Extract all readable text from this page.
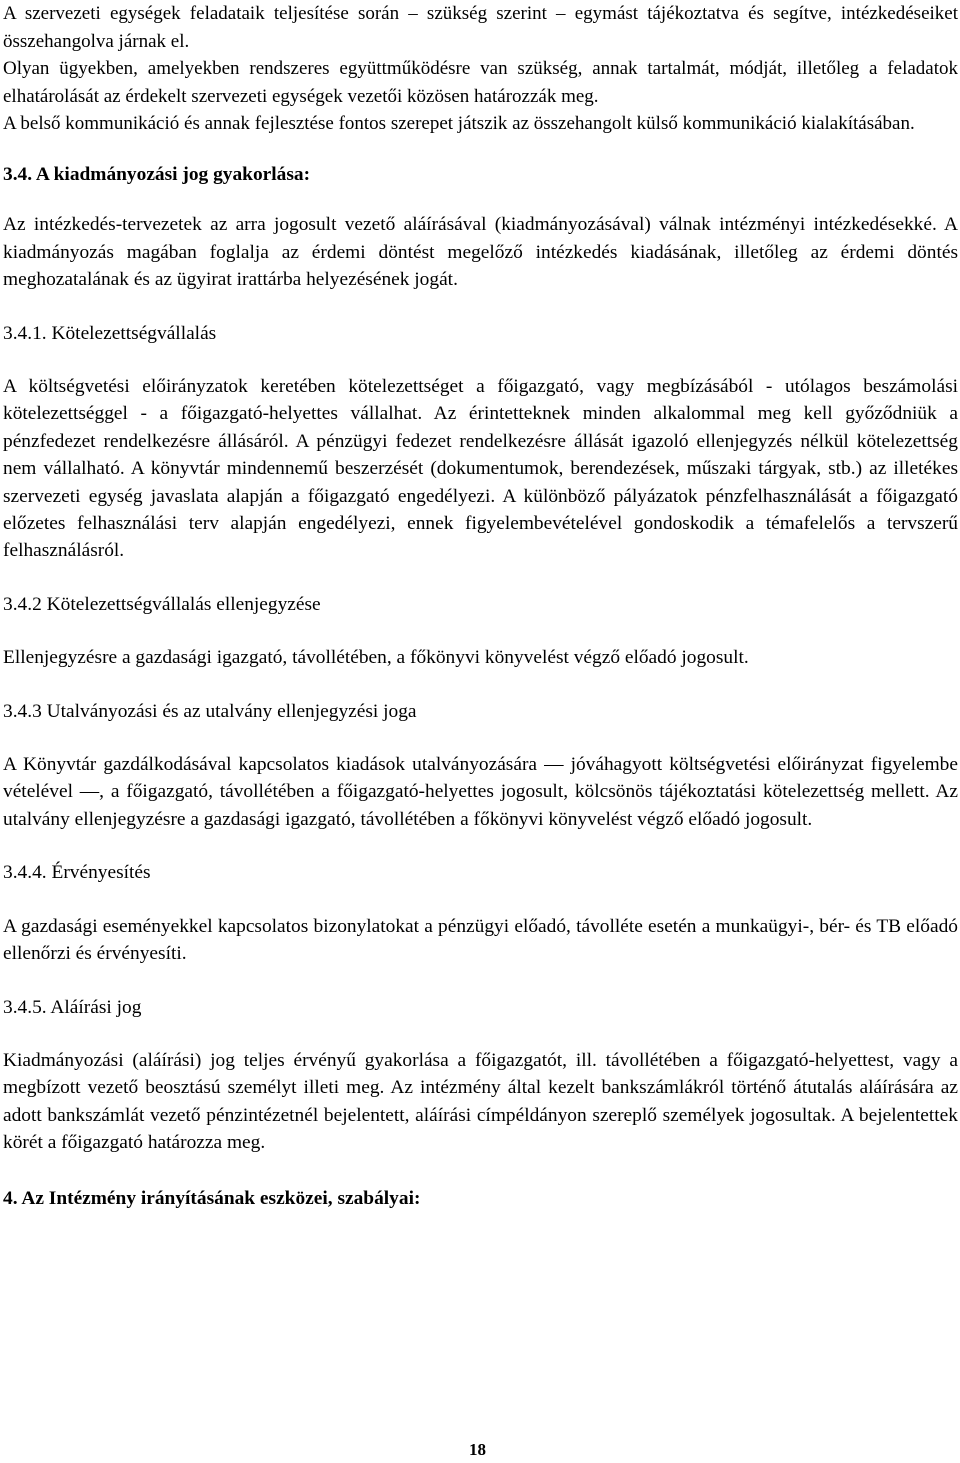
A szervezeti egységek feladataik teljesítése során – szükség szerint – egymást tájékoztatva és segítve, intézkedéseiket összehangolva járnak el.

Olyan ügyekben, amelyekben rendszeres együttműködésre van szükség, annak tartalmát, módját, illetőleg a feladatok elhatárolását az érdekelt szervezeti egységek vezetői közösen határozzák meg.

A belső kommunikáció és annak fejlesztése fontos szerepet játszik az összehangolt külső kommunikáció kialakításában.

3.4. A kiadmányozási jog gyakorlása:

Az intézkedés-tervezetek az arra jogosult vezető aláírásával (kiadmányozásával) válnak intézményi intézkedésekké. A kiadmányozás magában foglalja az érdemi döntést megelőző intézkedés kiadásának, illetőleg az érdemi döntés meghozatalának és az ügyirat irattárba helyezésének jogát.

3.4.1. Kötelezettségvállalás

A költségvetési előirányzatok keretében kötelezettséget a főigazgató, vagy megbízásából - utólagos beszámolási kötelezettséggel - a főigazgató-helyettes vállalhat. Az érintetteknek minden alkalommal meg kell győződniük a pénzfedezet rendelkezésre állásáról. A pénzügyi fedezet rendelkezésre állását igazoló ellenjegyzés nélkül kötelezettség nem vállalható. A könyvtár mindennemű beszerzését (dokumentumok, berendezések, műszaki tárgyak, stb.) az illetékes szervezeti egység javaslata alapján a főigazgató engedélyezi. A különböző pályázatok pénzfelhasználását a főigazgató előzetes felhasználási terv alapján engedélyezi, ennek figyelembevételével gondoskodik a témafelelős a tervszerű felhasználásról.

3.4.2 Kötelezettségvállalás ellenjegyzése

Ellenjegyzésre a gazdasági igazgató, távollétében, a főkönyvi könyvelést végző előadó jogosult.

3.4.3 Utalványozási és az utalvány ellenjegyzési joga

A Könyvtár gazdálkodásával kapcsolatos kiadások utalványozására — jóváhagyott költségvetési előirányzat figyelembe vételével —, a főigazgató, távollétében a főigazgató-helyettes jogosult, kölcsönös tájékoztatási kötelezettség mellett. Az utalvány ellenjegyzésre a gazdasági igazgató, távollétében a főkönyvi könyvelést végző előadó jogosult.

3.4.4. Érvényesítés

A gazdasági eseményekkel kapcsolatos bizonylatokat a pénzügyi előadó, távolléte esetén a munkaügyi-, bér- és TB előadó ellenőrzi és érvényesíti.

3.4.5. Aláírási jog

Kiadmányozási (aláírási) jog teljes érvényű gyakorlása a főigazgatót, ill. távollétében a főigazgató-helyettest, vagy a megbízott vezető beosztású személyt illeti meg. Az intézmény által kezelt bankszámlákról történő átutalás aláírására az adott bankszámlát vezető pénzintézetnél bejelentett, aláírási címpéldányon szereplő személyek jogosultak. A bejelentettek körét a főigazgató határozza meg.

4. Az Intézmény irányításának eszközei, szabályai:

18
